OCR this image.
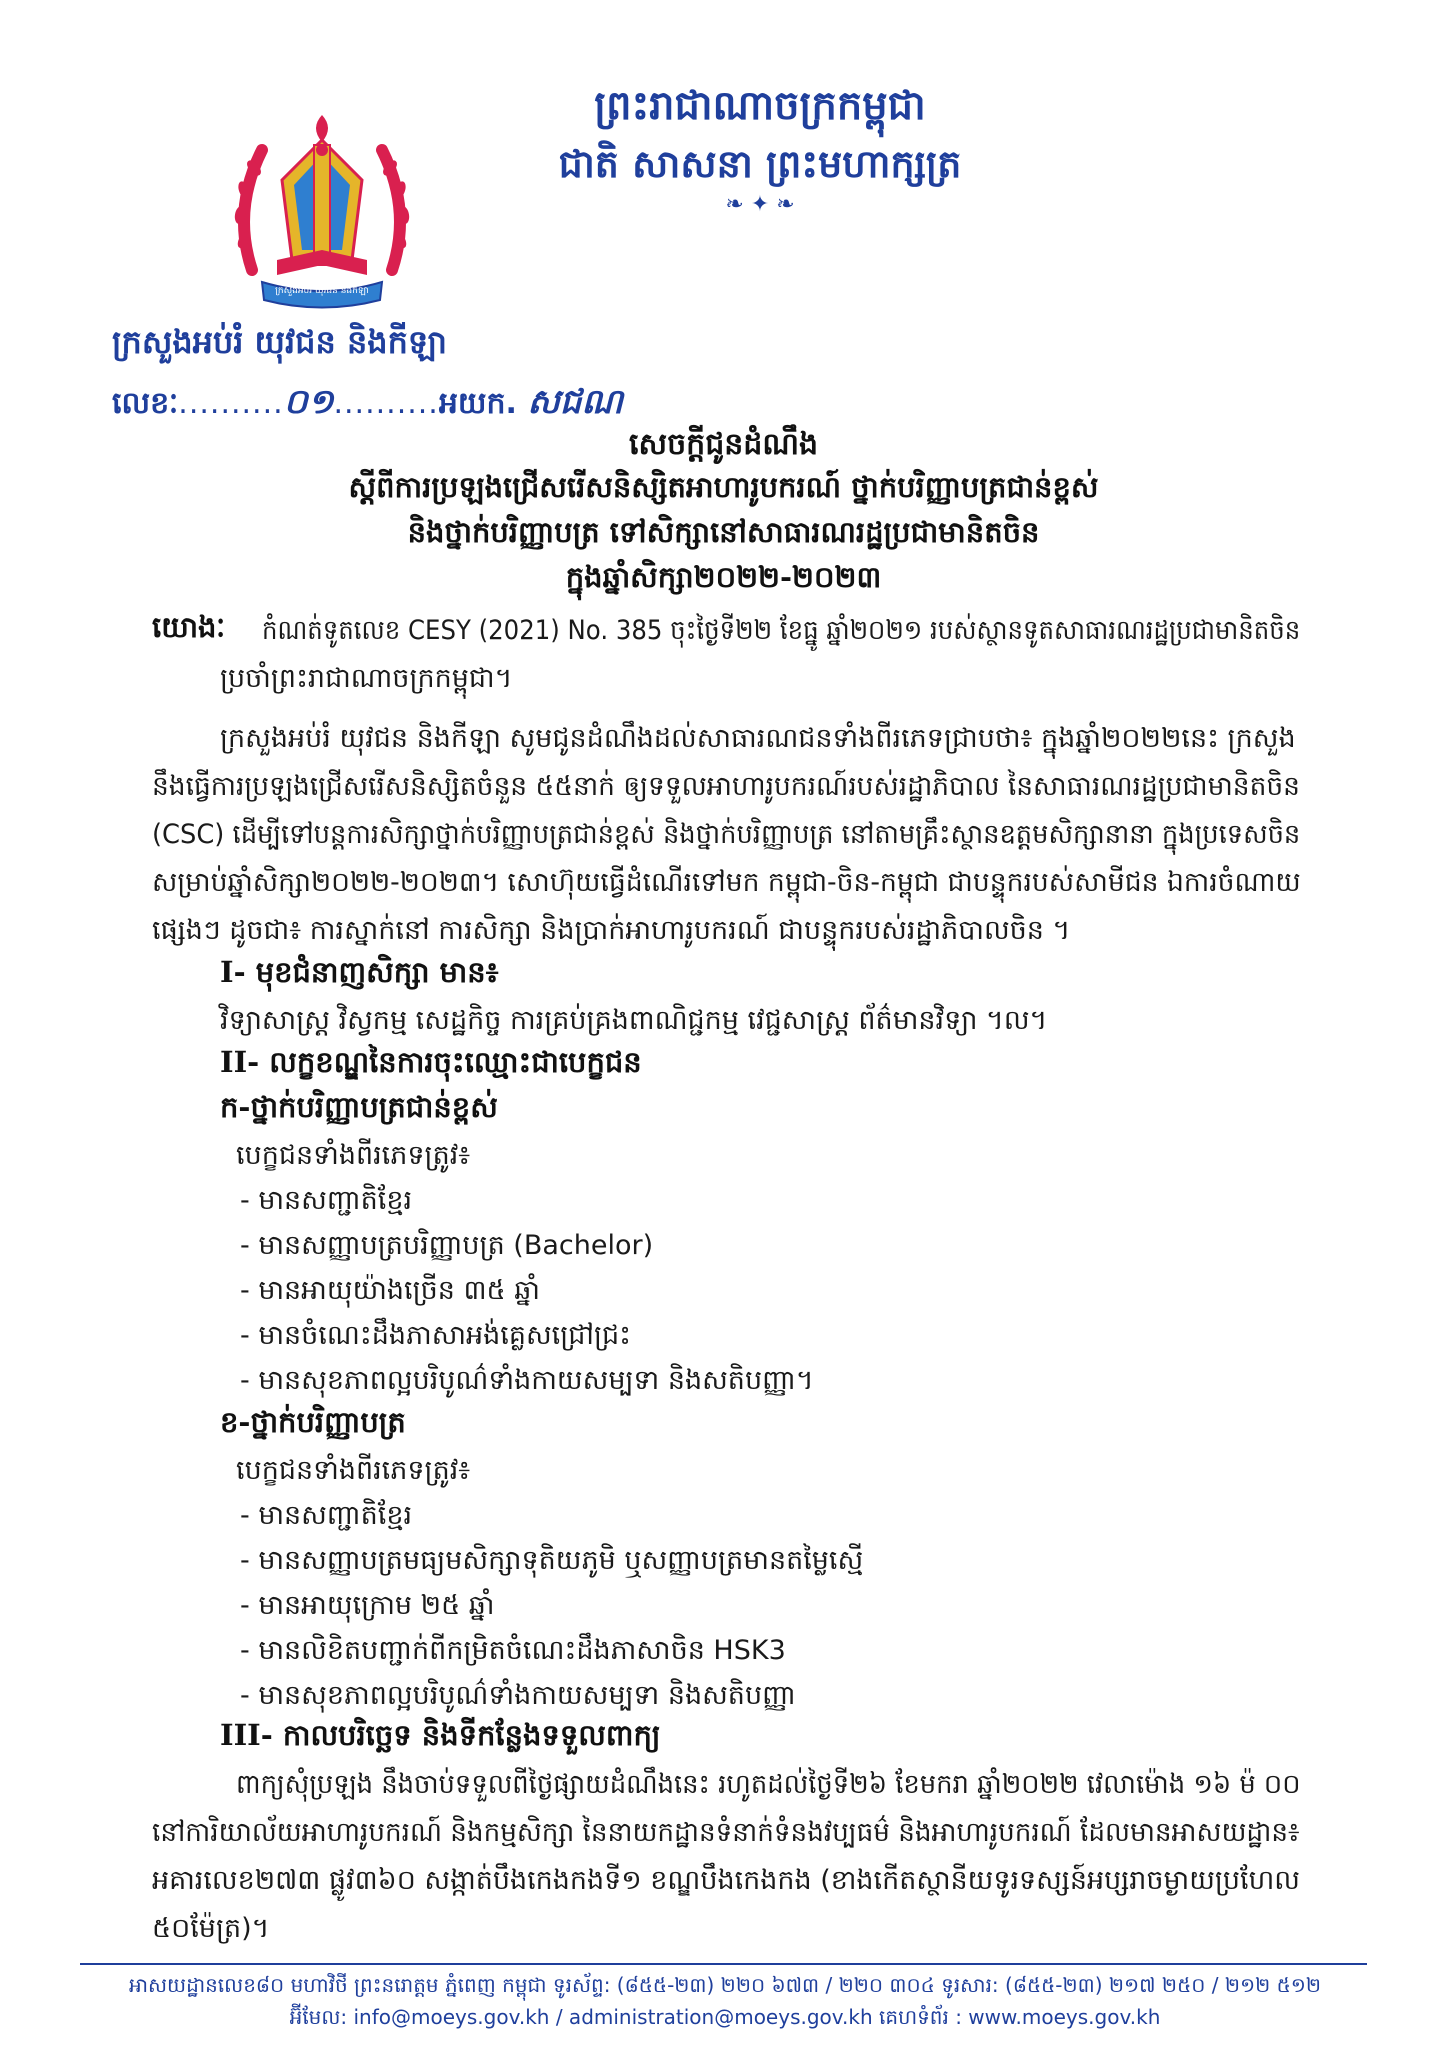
ក្រសួងអប់រំ យុវជន និងកីឡា
ព្រះរាជាណាចក្រកម្ពុជា
ជាតិ សាសនា ព្រះមហាក្សត្រ
❧ ✦ ❧
ក្រសួងអប់រំ យុវជន និងកីឡា
លេខៈ..........០១..........អយក. សជណ
សេចក្ដីជូនដំណឹង
ស្ដីពីការប្រឡងជ្រើសរើសនិស្សិតអាហារូបករណ៍ ថ្នាក់បរិញ្ញាបត្រជាន់ខ្ពស់
និងថ្នាក់បរិញ្ញាបត្រ ទៅសិក្សានៅសាធារណរដ្ឋប្រជាមានិតចិន
ក្នុងឆ្នាំសិក្សា២០២២-២០២៣
យោងៈ កំណត់ទូតលេខ CESY (2021) No. 385 ចុះថ្ងៃទី២២ ខែធ្នូ ឆ្នាំ២០២១ របស់ស្ថានទូតសាធារណរដ្ឋប្រជាមានិតចិន
ប្រចាំព្រះរាជាណាចក្រកម្ពុជា។
ក្រសួងអប់រំ យុវជន និងកីឡា សូមជូនដំណឹងដល់សាធារណជនទាំងពីរភេទជ្រាបថា៖ ក្នុងឆ្នាំ២០២២នេះ ក្រសួង
នឹងធ្វើការប្រឡងជ្រើសរើសនិស្សិតចំនួន ៥៥នាក់ ឲ្យទទួលអាហារូបករណ៍របស់រដ្ឋាភិបាល នៃសាធារណរដ្ឋប្រជាមានិតចិន
(CSC) ដើម្បីទៅបន្តការសិក្សាថ្នាក់បរិញ្ញាបត្រជាន់ខ្ពស់ និងថ្នាក់បរិញ្ញាបត្រ នៅតាមគ្រឹះស្ថានឧត្តមសិក្សានានា ក្នុងប្រទេសចិន
សម្រាប់ឆ្នាំសិក្សា២០២២-២០២៣។ សោហ៊ុយធ្វើដំណើរទៅមក កម្ពុជា-ចិន-កម្ពុជា ជាបន្ទុករបស់សាមីជន ឯការចំណាយ
ផ្សេងៗ ដូចជា៖ ការស្នាក់នៅ ការសិក្សា និងប្រាក់អាហារូបករណ៍ ជាបន្ទុករបស់រដ្ឋាភិបាលចិន ។
I- មុខជំនាញសិក្សា មាន៖
វិទ្យាសាស្ត្រ វិស្វកម្ម សេដ្ឋកិច្ច ការគ្រប់គ្រងពាណិជ្ជកម្ម វេជ្ជសាស្ត្រ ព័ត៌មានវិទ្យា ។ល។
II- លក្ខខណ្ឌនៃការចុះឈ្មោះជាបេក្ខជន
ក-ថ្នាក់បរិញ្ញាបត្រជាន់ខ្ពស់
បេក្ខជនទាំងពីរភេទត្រូវ៖
- មានសញ្ជាតិខ្មែរ
- មានសញ្ញាបត្របរិញ្ញាបត្រ (Bachelor)
- មានអាយុយ៉ាងច្រើន ៣៥ ឆ្នាំ
- មានចំណេះដឹងភាសាអង់គ្លេសជ្រៅជ្រះ
- មានសុខភាពល្អបរិបូណ៌ទាំងកាយសម្បទា និងសតិបញ្ញា។
ខ-ថ្នាក់បរិញ្ញាបត្រ
បេក្ខជនទាំងពីរភេទត្រូវ៖
- មានសញ្ជាតិខ្មែរ
- មានសញ្ញាបត្រមធ្យមសិក្សាទុតិយភូមិ ឬសញ្ញាបត្រមានតម្លៃស្មើ
- មានអាយុក្រោម ២៥ ឆ្នាំ
- មានលិខិតបញ្ជាក់ពីកម្រិតចំណេះដឹងភាសាចិន HSK3
- មានសុខភាពល្អបរិបូណ៌ទាំងកាយសម្បទា និងសតិបញ្ញា
III- កាលបរិច្ឆេទ និងទីកន្លែងទទួលពាក្យ
ពាក្យសុំប្រឡង នឹងចាប់ទទួលពីថ្ងៃផ្សាយដំណឹងនេះ រហូតដល់ថ្ងៃទី២៦ ខែមករា ឆ្នាំ២០២២ វេលាម៉ោង ១៦ ម៉ ០០
នៅការិយាល័យអាហារូបករណ៍ និងកម្មសិក្សា នៃនាយកដ្ឋានទំនាក់ទំនងវប្បធម៌ និងអាហារូបករណ៍ ដែលមានអាសយដ្ឋាន៖
អគារលេខ២៧៣ ផ្លូវ៣៦០ សង្កាត់បឹងកេងកងទី១ ខណ្ឌបឹងកេងកង (ខាងកើតស្ថានីយទូរទស្សន៍អប្សរាចម្ងាយប្រហែល
៥០ម៉ែត្រ)។
អាសយដ្ឋានលេខ៨០ មហាវិថី ព្រះនរោត្តម ភ្នំពេញ កម្ពុជា ទូរស័ព្ទ: (៨៥៥-២៣) ២២០ ៦៧៣ / ២២០ ៣០៤ ទូរសារ: (៨៥៥-២៣) ២១៧ ២៥០ / ២១២ ៥១២
អ៊ីមែល: info@moeys.gov.kh / administration@moeys.gov.kh គេហទំព័រ : www.moeys.gov.kh
